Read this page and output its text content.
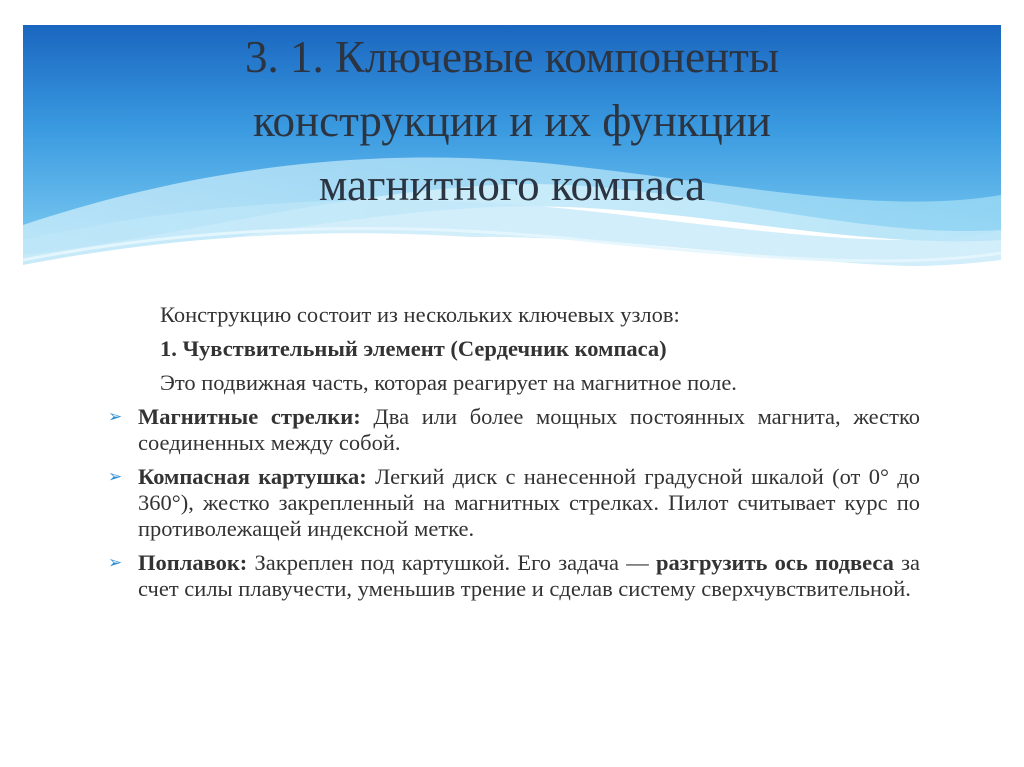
3. 1. Ключевые компоненты
конструкции и их функции
магнитного компаса

Конструкцию состоит из нескольких ключевых узлов:

1. Чувствительный элемент (Сердечник компаса)

Это подвижная часть, которая реагирует на магнитное поле.

➢ Магнитные стрелки: Два или более мощных постоянных магнита, жестко соединенных между собой.
➢ Компасная картушка: Легкий диск с нанесенной градусной шкалой (от 0° до 360°), жестко закрепленный на магнитных стрелках. Пилот считывает курс по противолежащей индексной метке.
➢ Поплавок: Закреплен под картушкой. Его задача — разгрузить ось подвеса за счет силы плавучести, уменьшив трение и сделав систему сверхчувствительной.
